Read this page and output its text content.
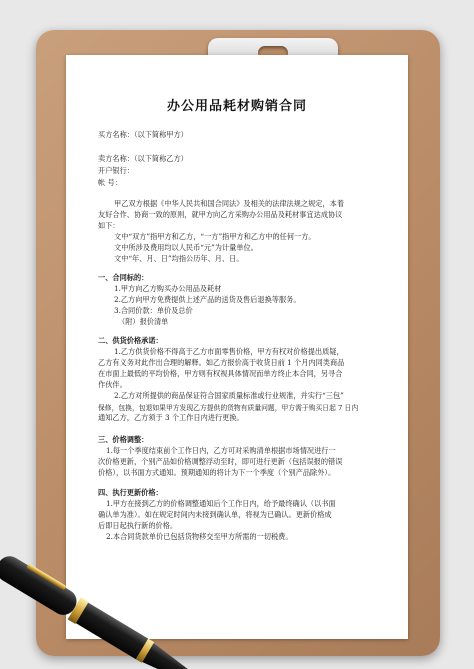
办公用品耗材购销合同
买方名称：（以下简称甲方）
卖方名称：（以下简称乙方）
开户银行：
帐 号：
甲乙双方根据《中华人民共和国合同法》及相关的法律法规之规定，本着
友好合作、协商一致的原则，就甲方向乙方采购办公用品及耗材事宜达成协议
如下：
文中“双方”指甲方和乙方，“一方”指甲方和乙方中的任何一方。
文中所涉及费用均以人民币“元”为计量单位。
文中“年、月、日”均指公历年、月、日。
一、合同标的：
1.甲方向乙方购买办公用品及耗材
2.乙方向甲方免费提供上述产品的送货及售后退换等服务。
3.合同价款：单价及总价
（附）报价清单
二、供货价格承诺：
1.乙方供货价格不得高于乙方市面零售价格，甲方有权对价格提出质疑，
乙方有义务对此作出合理的解释。如乙方报价高于收货日前 1 个月内同类商品
在市面上最低的平均价格，甲方则有权视具体情况而单方终止本合同，另寻合
作伙伴。
2.乙方对所提供的商品保证符合国家质量标准或行业规准，并实行“三包”
保修，包换，包退如果甲方发现乙方提供的货物有质量问题，甲方需于购买日起 7 日内
通知乙方，乙方须于 3 个工作日内进行更换。
三、价格调整：
1.每一个季度结束前个工作日内，乙方可对采购清单根据市场情况进行一
次价格更新，个别产品如价格调整浮动至时，即可进行更新（包括误报的错误
价格），以书面方式通知。预期通知的将计为下一个季度（个别产品除外）。
四、执行更新价格：
1.甲方在接到乙方的价格调整通知后个工作日内，给予最终确认（以书面
确认单为准）。如在规定时间内未接到确认单，将视为已确认。更新价格成
后即日起执行新的价格。
2.本合同货款单价已包括货物移交至甲方所需的一切税费。
